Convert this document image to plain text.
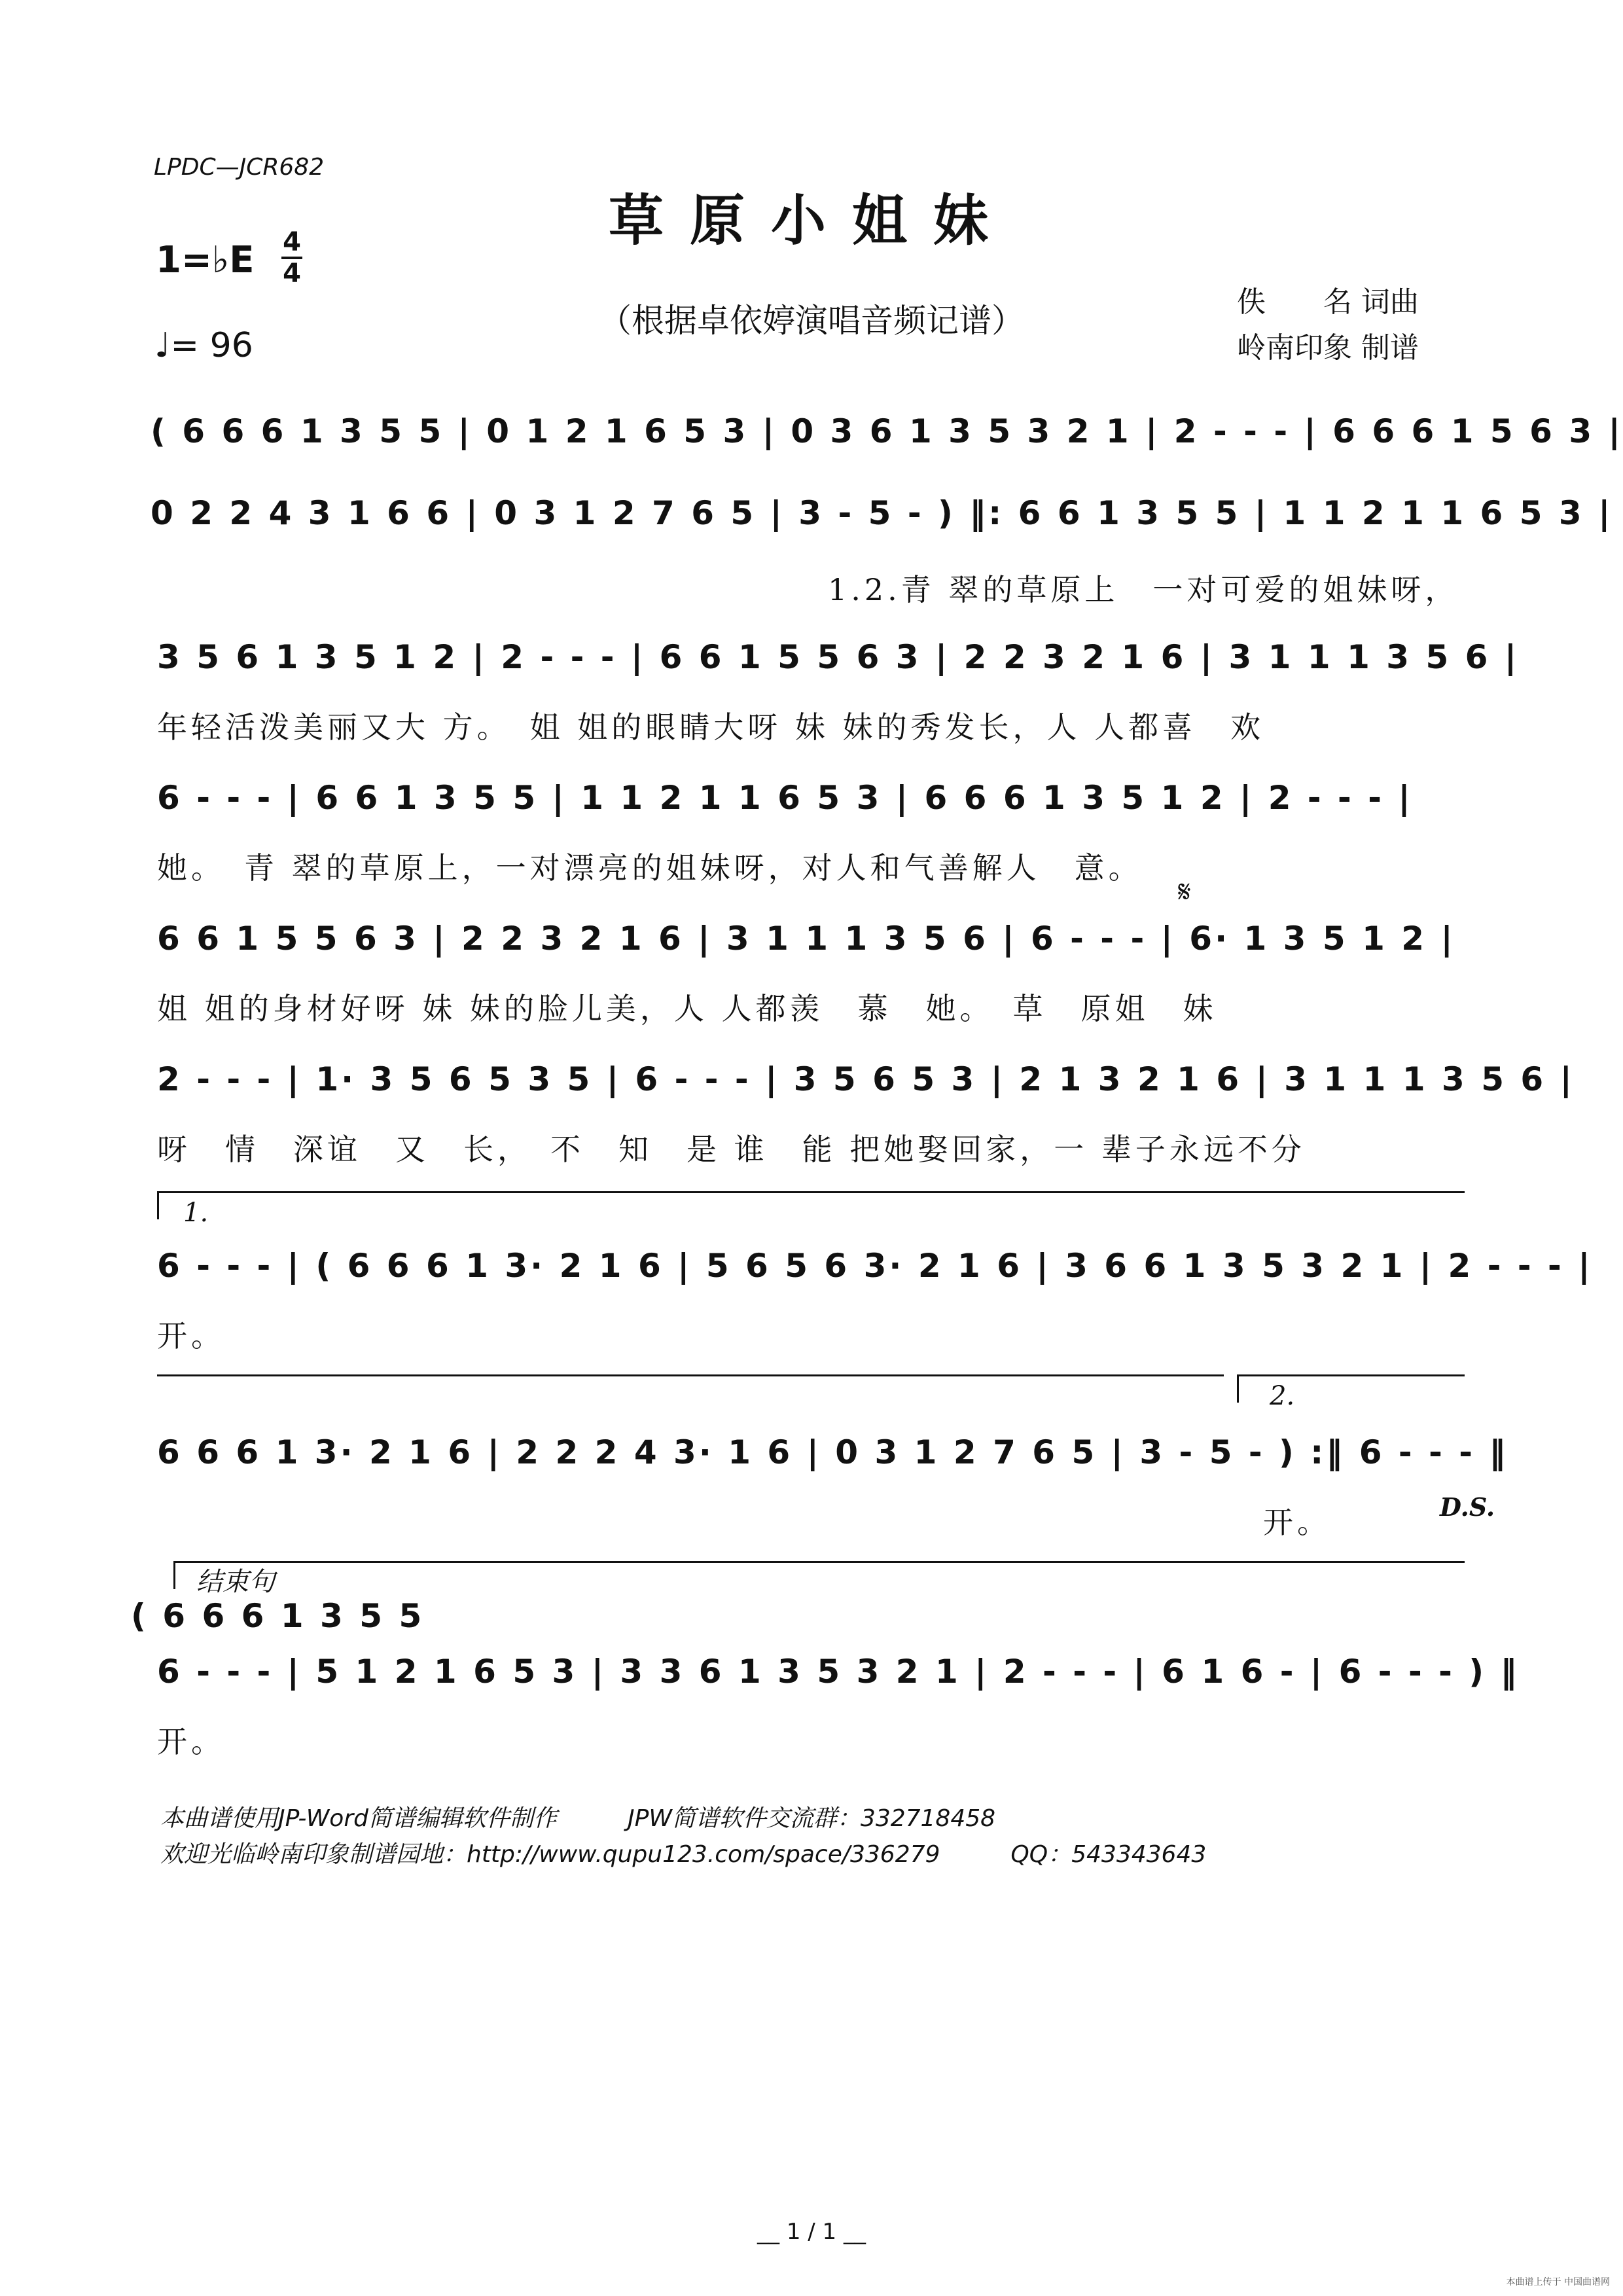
LPDC—JCR682
草原小姐妹
（根据卓依婷演唱音频记谱）
1=♭E 4
4
♩= 96
佚　　名 词曲
岭南印象 制谱
( 6 6 6 1 3 5 5 | 0 1 2 1 6 5 3 | 0 3 6 1 3 5 3 2 1 | 2 - - - | 6 6 6 1 5 6 3 |
0 2 2 4 3 1 6 6 | 0 3 1 2 7 6 5 | 3 - 5 - ) ‖: 6 6 1 3 5 5 | 1 1 2 1 1 6 5 3 |
1.2.青 翠的草原上　一对可爱的姐妹呀，
3 5 6 1 3 5 1 2 | 2 - - - | 6 6 1 5 5 6 3 | 2 2 3 2 1 6 | 3 1 1 1 3 5 6 |
年轻活泼美丽又大 方。　姐 姐的眼睛大呀 妹 妹的秀发长，人 人都喜　欢
6 - - - | 6 6 1 3 5 5 | 1 1 2 1 1 6 5 3 | 6 6 6 1 3 5 1 2 | 2 - - - |
她。　青 翠的草原上，一对漂亮的姐妹呀，对人和气善解人　意。
𝄋
6 6 1 5 5 6 3 | 2 2 3 2 1 6 | 3 1 1 1 3 5 6 | 6 - - - | 6· 1 3 5 1 2 |
姐 姐的身材好呀 妹 妹的脸儿美，人 人都羡　慕　她。　草　原姐　妹
2 - - - | 1· 3 5 6 5 3 5 | 6 - - - | 3 5 6 5 3 | 2 1 3 2 1 6 | 3 1 1 1 3 5 6 |
呀　情　深谊　又　长，　不　知　是 谁　能 把她娶回家，一 辈子永远不分
1.
6 - - - | ( 6 6 6 1 3· 2 1 6 | 5 6 5 6 3· 2 1 6 | 3 6 6 1 3 5 3 2 1 | 2 - - - |
开。
2.
6 6 6 1 3· 2 1 6 | 2 2 2 4 3· 1 6 | 0 3 1 2 7 6 5 | 3 - 5 - ) :‖ 6 - - - ‖
开。	D.S.
结束句
( 6 6 6 1 3 5 5
6 - - - | 5 1 2 1 6 5 3 | 3 3 6 1 3 5 3 2 1 | 2 - - - | 6 1 6 - | 6 - - - ) ‖
开。
本曲谱使用JP-Word简谱编辑软件制作　　　JPW简谱软件交流群：332718458
欢迎光临岭南印象制谱园地：http://www.qupu123.com/space/336279　　　QQ：543343643
__ 1 / 1 __
本曲谱上传于 中国曲谱网
